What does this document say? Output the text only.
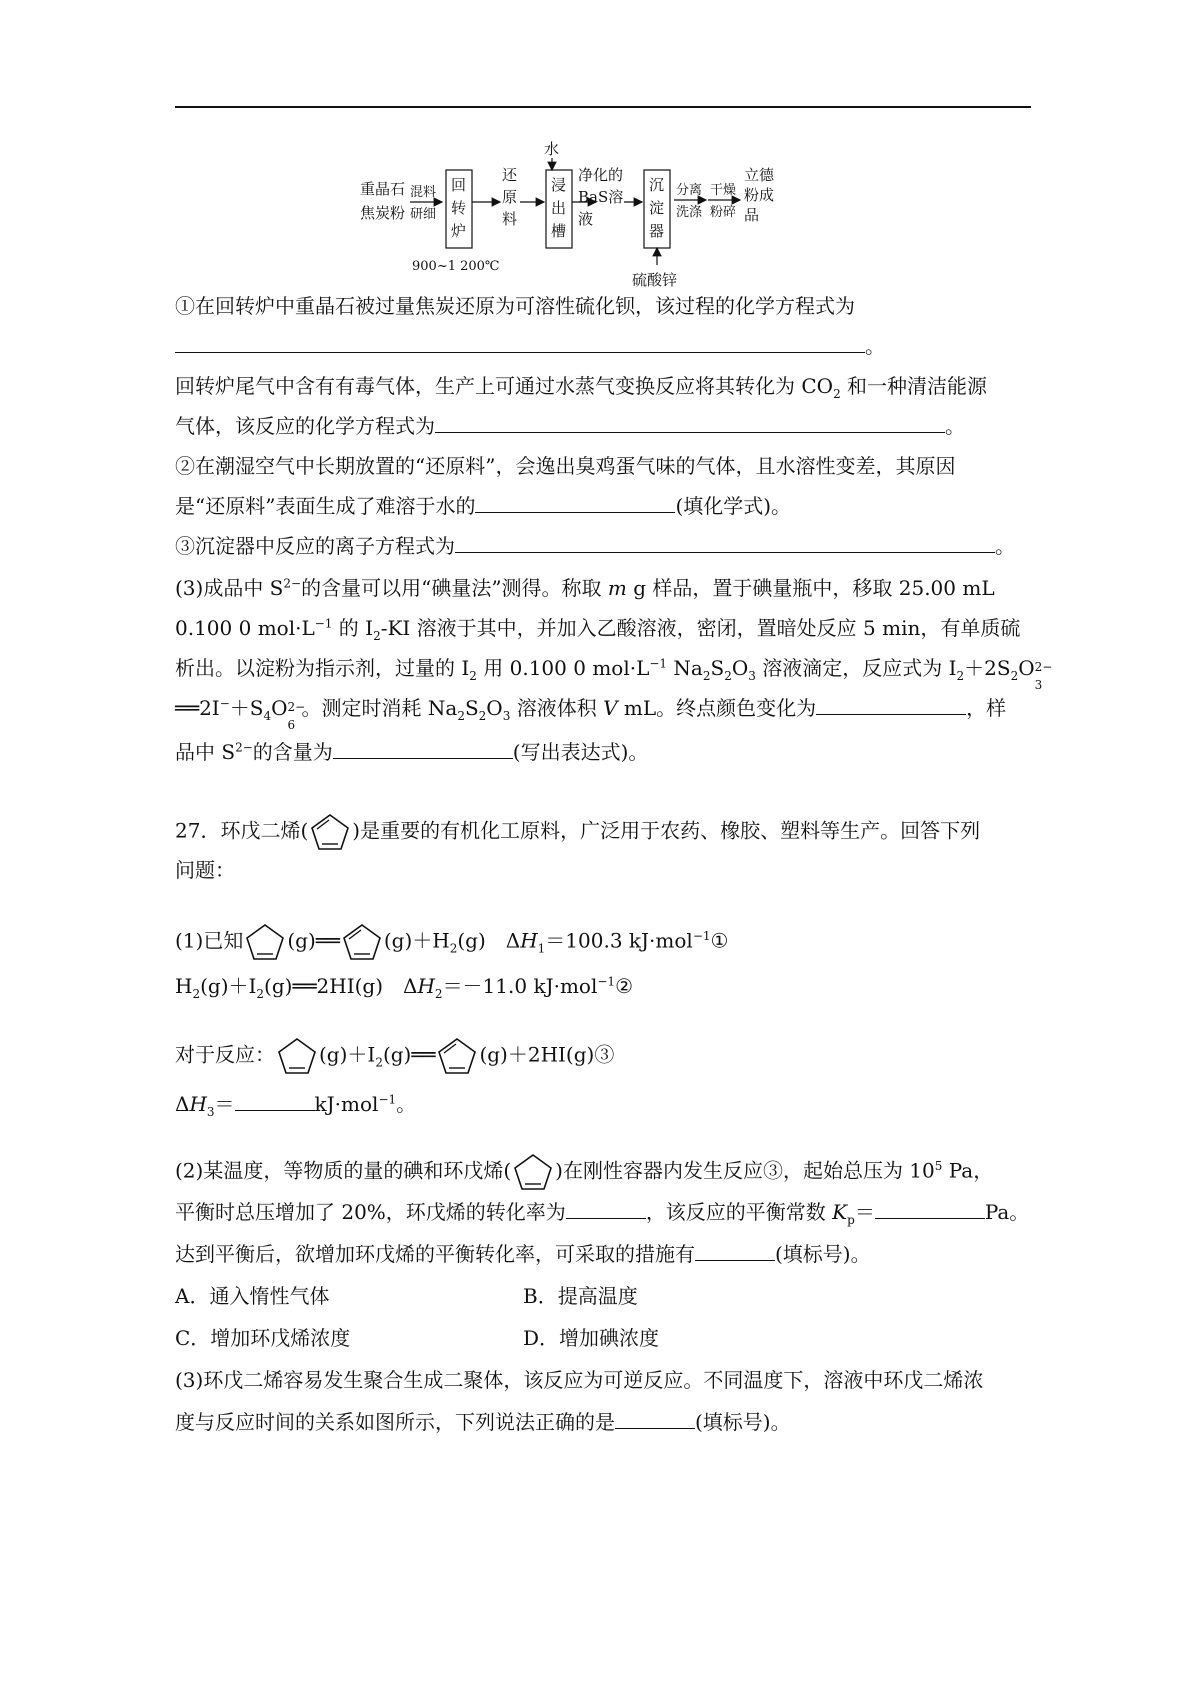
重晶石
焦炭粉
混料
研细
回
转
炉
900~1 200℃
还
原
料
水
浸
出
槽
净化的
BaS溶
液
沉
淀
器
硫酸锌
分离
洗涤
干燥
粉碎
立德
粉成
品
①在回转炉中重晶石被过量焦炭还原为可溶性硫化钡，该过程的化学方程式为
。
回转炉尾气中含有有毒气体，生产上可通过水蒸气变换反应将其转化为 $CO_2$ 和一种清洁能源
气体，该反应的化学方程式为	。
②在潮湿空气中长期放置的“还原料”，会逸出臭鸡蛋气味的气体，且水溶性变差，其原因
是“还原料”表面生成了难溶于水的	(填化学式)。
③沉淀器中反应的离子方程式为	。
(3)成品中 $S^{2-}$的含量可以用“碘量法”测得。称取 m g 样品，置于碘量瓶中，移取 25.00 mL
0.100 0 $mol\cdot L^{-1}$ 的 $I_2-KI$ 溶液于其中，并加入乙酸溶液，密闭，置暗处反应 5 min，有单质硫
析出。以淀粉为指示剂，过量的 $I_2$ 用 0.100 0 $mol\cdot L^{-1}$ $Na_2S_2O_3$ 溶液滴定，反应式为 $I_2+2S_2O$ 2−
3
$══2I^-+S_4O$ 2−
6
。测定时消耗 $Na_2S_2O_3$ 溶液体积 V mL。终点颜色变化为	，样
品中 $S^{2-}$的含量为	(写出表达式)。
27．环戊二烯( )是重要的有机化工原料，广泛用于农药、橡胶、塑料等生产。回答下列
问题：
(1)已知 (g)══ $(g)+H_2(g)$　$\Delta H_1=100.3$ kJ·mol$^{-1}$①
$H_2(g)+I_2(g)══2HI(g)$　$\Delta H_2=-11.0$ kJ·mol$^{-1}$②
对于反应： $(g)+I_2(g)══$ (g)＋2HI(g)③
$\Delta H_3=$	kJ·mol$^{-1}$。
(2)某温度，等物质的量的碘和环戊烯( )在刚性容器内发生反应③，起始总压为 $10^5$ Pa，
平衡时总压增加了 20%，环戊烯的转化率为	，该反应的平衡常数 $K_p=$	Pa。
达到平衡后，欲增加环戊烯的平衡转化率，可采取的措施有	(填标号)。
A．通入惰性气体	B．提高温度
C．增加环戊烯浓度	D．增加碘浓度
(3)环戊二烯容易发生聚合生成二聚体，该反应为可逆反应。不同温度下，溶液中环戊二烯浓
度与反应时间的关系如图所示，下列说法正确的是	(填标号)。
